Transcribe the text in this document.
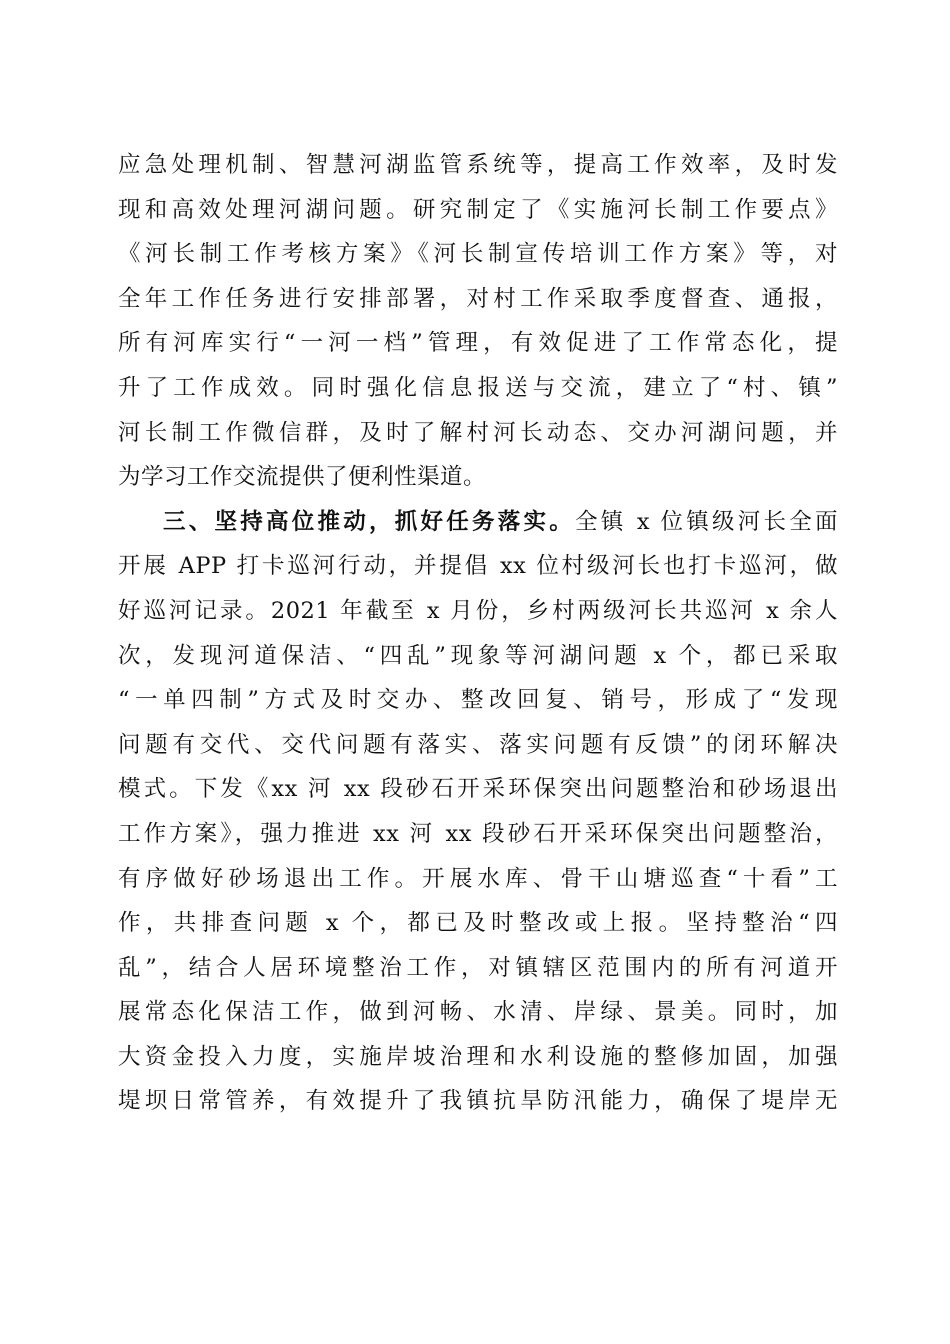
应急处理机制、智慧河湖监管系统等，提高工作效率，及时发
现和高效处理河湖问题。研究制定了《实施河长制工作要点》
《河长制工作考核方案》《河长制宣传培训工作方案》等，对
全年工作任务进行安排部署，对村工作采取季度督查、通报，
所有河库实行“一河一档”管理，有效促进了工作常态化，提
升了工作成效。同时强化信息报送与交流，建立了“村、镇”
河长制工作微信群，及时了解村河长动态、交办河湖问题，并
为学习工作交流提供了便利性渠道。
三、坚持高位推动，抓好任务落实。全镇 x 位镇级河长全面
开展 APP 打卡巡河行动，并提倡 xx 位村级河长也打卡巡河，做
好巡河记录。2021 年截至 x 月份，乡村两级河长共巡河 x 余人
次，发现河道保洁、“四乱”现象等河湖问题 x 个，都已采取
“一单四制”方式及时交办、整改回复、销号，形成了“发现
问题有交代、交代问题有落实、落实问题有反馈”的闭环解决
模式。下发《xx 河 xx 段砂石开采环保突出问题整治和砂场退出
工作方案》，强力推进 xx 河 xx 段砂石开采环保突出问题整治，
有序做好砂场退出工作。开展水库、骨干山塘巡查“十看”工
作，共排查问题 x 个，都已及时整改或上报。坚持整治“四
乱”，结合人居环境整治工作，对镇辖区范围内的所有河道开
展常态化保洁工作，做到河畅、水清、岸绿、景美。同时，加
大资金投入力度，实施岸坡治理和水利设施的整修加固，加强
堤坝日常管养，有效提升了我镇抗旱防汛能力，确保了堤岸无
